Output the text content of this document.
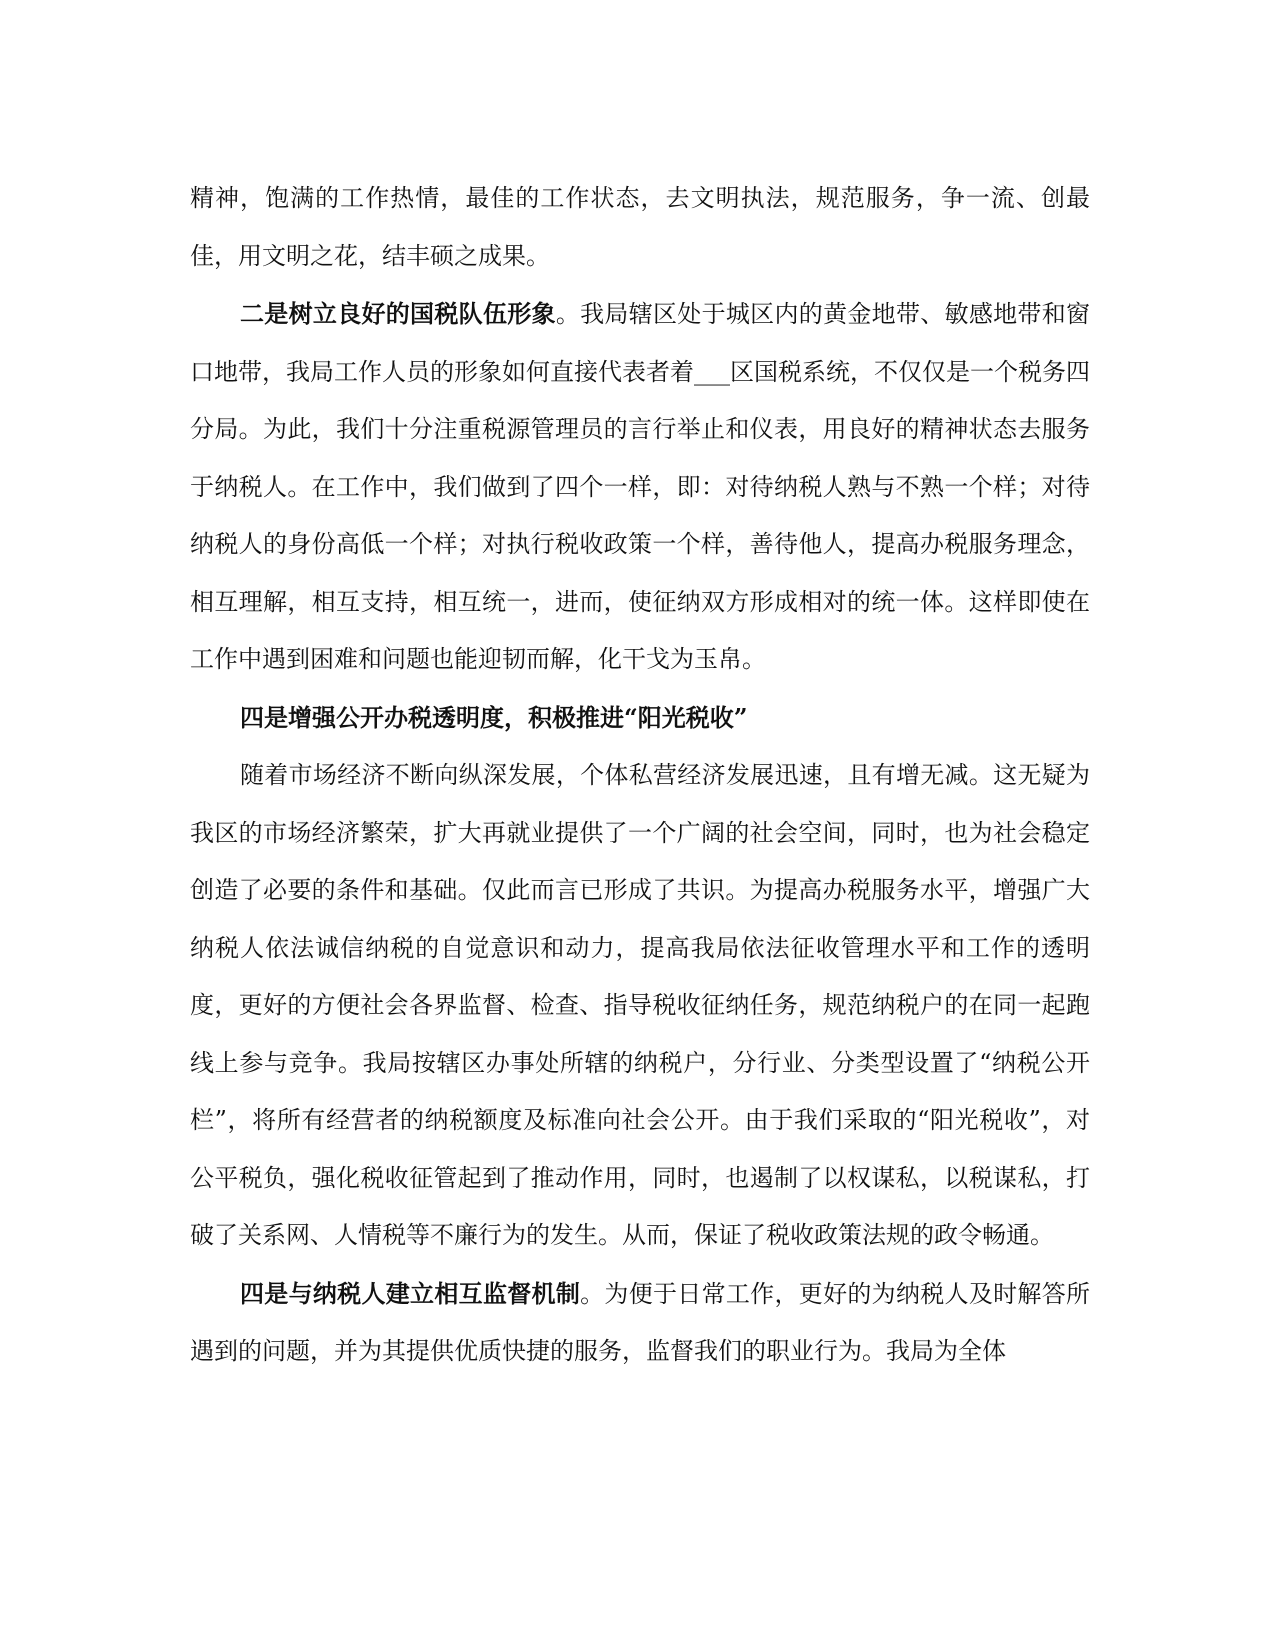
精神，饱满的工作热情，最佳的工作状态，去文明执法，规范服务，争一流、创最佳，用文明之花，结丰硕之成果。

二是树立良好的国税队伍形象。我局辖区处于城区内的黄金地带、敏感地带和窗口地带，我局工作人员的形象如何直接代表者着___区国税系统，不仅仅是一个税务四分局。为此，我们十分注重税源管理员的言行举止和仪表，用良好的精神状态去服务于纳税人。在工作中，我们做到了四个一样，即：对待纳税人熟与不熟一个样；对待纳税人的身份高低一个样；对执行税收政策一个样，善待他人，提高办税服务理念，相互理解，相互支持，相互统一，进而，使征纳双方形成相对的统一体。这样即使在工作中遇到困难和问题也能迎韧而解，化干戈为玉帛。

四是增强公开办税透明度，积极推进“阳光税收”

随着市场经济不断向纵深发展，个体私营经济发展迅速，且有增无减。这无疑为我区的市场经济繁荣，扩大再就业提供了一个广阔的社会空间，同时，也为社会稳定创造了必要的条件和基础。仅此而言已形成了共识。为提高办税服务水平，增强广大纳税人依法诚信纳税的自觉意识和动力，提高我局依法征收管理水平和工作的透明度，更好的方便社会各界监督、检查、指导税收征纳任务，规范纳税户的在同一起跑线上参与竞争。我局按辖区办事处所辖的纳税户，分行业、分类型设置了“纳税公开栏”，将所有经营者的纳税额度及标准向社会公开。由于我们采取的“阳光税收”，对公平税负，强化税收征管起到了推动作用，同时，也遏制了以权谋私，以税谋私，打破了关系网、人情税等不廉行为的发生。从而，保证了税收政策法规的政令畅通。

四是与纳税人建立相互监督机制。为便于日常工作，更好的为纳税人及时解答所遇到的问题，并为其提供优质快捷的服务，监督我们的职业行为。我局为全体
